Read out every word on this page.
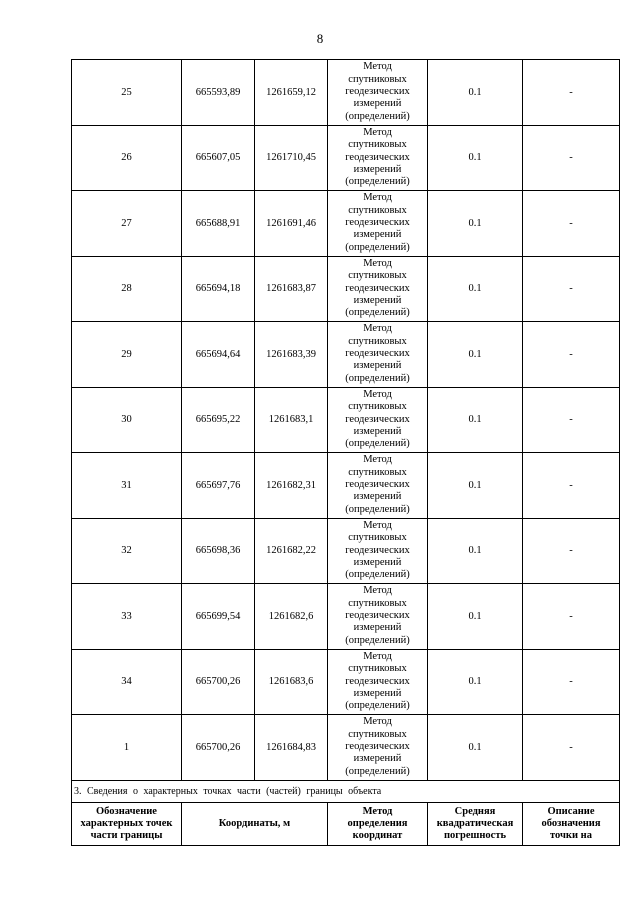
8
25	665593,89	1261659,12	Метод
спутниковых
геодезических
измерений
(определений)	0.1	-
26	665607,05	1261710,45	Метод
спутниковых
геодезических
измерений
(определений)	0.1	-
27	665688,91	1261691,46	Метод
спутниковых
геодезических
измерений
(определений)	0.1	-
28	665694,18	1261683,87	Метод
спутниковых
геодезических
измерений
(определений)	0.1	-
29	665694,64	1261683,39	Метод
спутниковых
геодезических
измерений
(определений)	0.1	-
30	665695,22	1261683,1	Метод
спутниковых
геодезических
измерений
(определений)	0.1	-
31	665697,76	1261682,31	Метод
спутниковых
геодезических
измерений
(определений)	0.1	-
32	665698,36	1261682,22	Метод
спутниковых
геодезических
измерений
(определений)	0.1	-
33	665699,54	1261682,6	Метод
спутниковых
геодезических
измерений
(определений)	0.1	-
34	665700,26	1261683,6	Метод
спутниковых
геодезических
измерений
(определений)	0.1	-
1	665700,26	1261684,83	Метод
спутниковых
геодезических
измерений
(определений)	0.1	-
3. Сведения о характерных точках части (частей) границы объекта					

Обозначение
характерных точек
части границы	Координаты, м		Метод
определения
координат	Средняя
квадратическая
погрешность	Описание
обозначения
точки на
